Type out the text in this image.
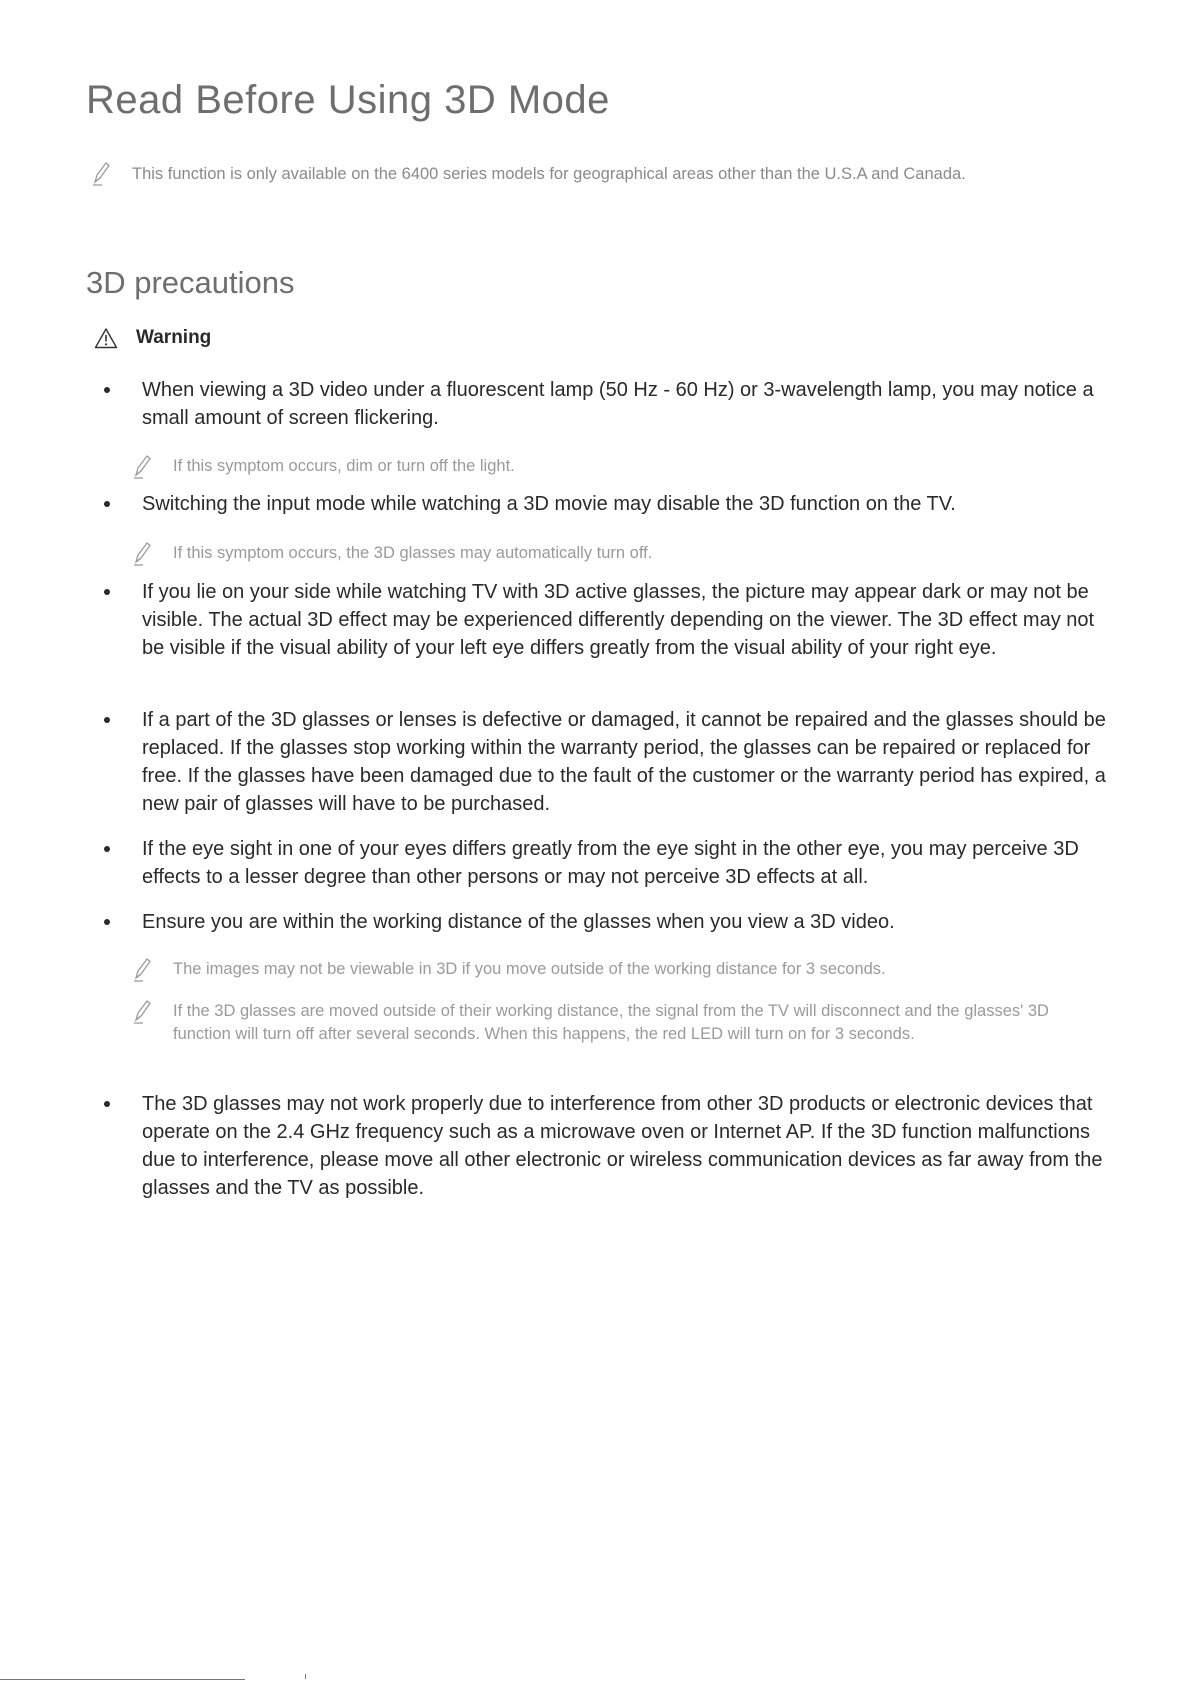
Read Before Using 3D Mode
This function is only available on the 6400 series models for geographical areas other than the U.S.A and Canada.
3D precautions
Warning
When viewing a 3D video under a fluorescent lamp (50 Hz - 60 Hz) or 3-wavelength lamp, you may notice a small amount of screen flickering.
If this symptom occurs, dim or turn off the light.
Switching the input mode while watching a 3D movie may disable the 3D function on the TV.
If this symptom occurs, the 3D glasses may automatically turn off.
If you lie on your side while watching TV with 3D active glasses, the picture may appear dark or may not be visible. The actual 3D effect may be experienced differently depending on the viewer. The 3D effect may not be visible if the visual ability of your left eye differs greatly from the visual ability of your right eye.
If a part of the 3D glasses or lenses is defective or damaged, it cannot be repaired and the glasses should be replaced. If the glasses stop working within the warranty period, the glasses can be repaired or replaced for free. If the glasses have been damaged due to the fault of the customer or the warranty period has expired, a new pair of glasses will have to be purchased.
If the eye sight in one of your eyes differs greatly from the eye sight in the other eye, you may perceive 3D effects to a lesser degree than other persons or may not perceive 3D effects at all.
Ensure you are within the working distance of the glasses when you view a 3D video.
The images may not be viewable in 3D if you move outside of the working distance for 3 seconds.
If the 3D glasses are moved outside of their working distance, the signal from the TV will disconnect and the glasses' 3D function will turn off after several seconds. When this happens, the red LED will turn on for 3 seconds.
The 3D glasses may not work properly due to interference from other 3D products or electronic devices that operate on the 2.4 GHz frequency such as a microwave oven or Internet AP. If the 3D function malfunctions due to interference, please move all other electronic or wireless communication devices as far away from the glasses and the TV as possible.
